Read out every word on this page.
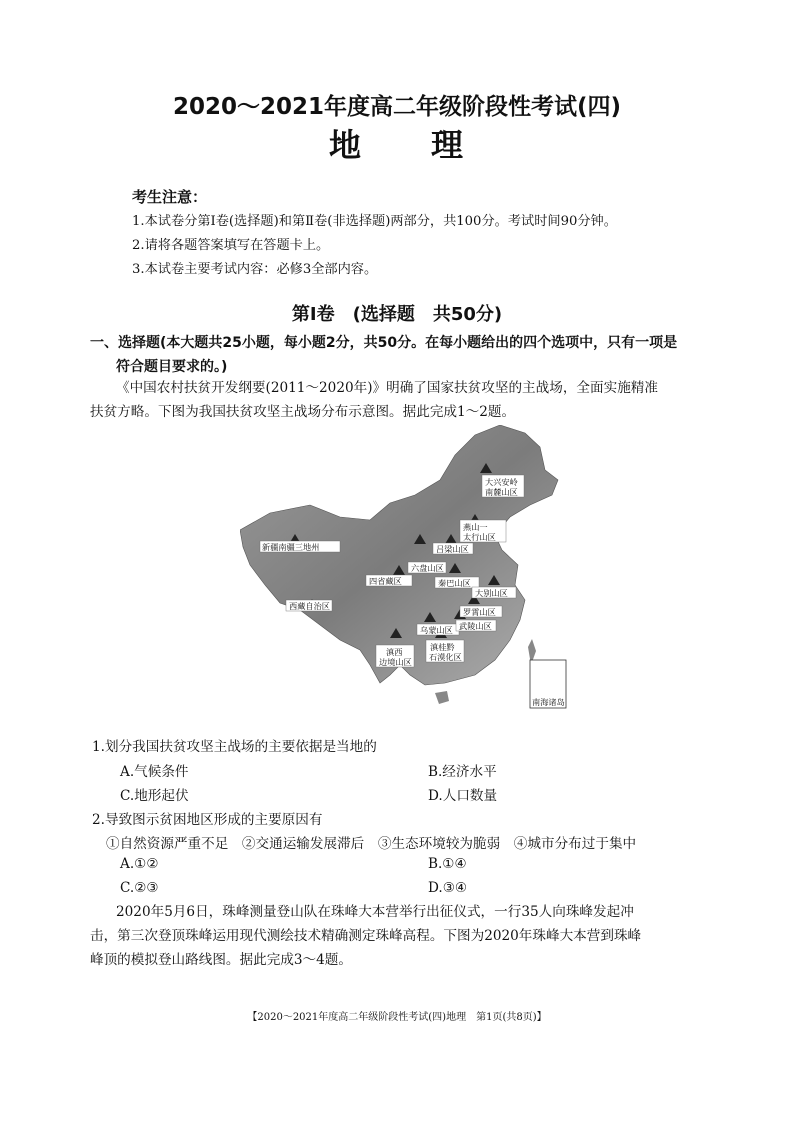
2020～2021年度高二年级阶段性考试(四)
地　　理
考生注意：
1.本试卷分第Ⅰ卷(选择题)和第Ⅱ卷(非选择题)两部分，共100分。考试时间90分钟。
2.请将各题答案填写在答题卡上。
3.本试卷主要考试内容：必修3全部内容。
第Ⅰ卷　(选择题　共50分)
一、选择题(本大题共25小题，每小题2分，共50分。在每小题给出的四个选项中，只有一项是
符合题目要求的。)
《中国农村扶贫开发纲要(2011～2020年)》明确了国家扶贫攻坚的主战场，全面实施精准
扶贫方略。下图为我国扶贫攻坚主战场分布示意图。据此完成1～2题。
南海诸岛
大兴安岭
南麓山区
燕山一
太行山区
吕梁山区
六盘山区
新疆南疆三地州
四省藏区	秦巴山区
大别山区
西藏自治区
罗霄山区
乌蒙山区 武陵山区
滇西
边境山区
滇桂黔
石漠化区
1.划分我国扶贫攻坚主战场的主要依据是当地的
A.气候条件	B.经济水平
C.地形起伏	D.人口数量
2.导致图示贫困地区形成的主要原因有
①自然资源严重不足　②交通运输发展滞后　③生态环境较为脆弱　④城市分布过于集中
A.①②	B.①④
C.②③	D.③④
2020年5月6日，珠峰测量登山队在珠峰大本营举行出征仪式，一行35人向珠峰发起冲
击，第三次登顶珠峰运用现代测绘技术精确测定珠峰高程。下图为2020年珠峰大本营到珠峰
峰顶的模拟登山路线图。据此完成3～4题。
【2020～2021年度高二年级阶段性考试(四)地理　第1页(共8页)】
